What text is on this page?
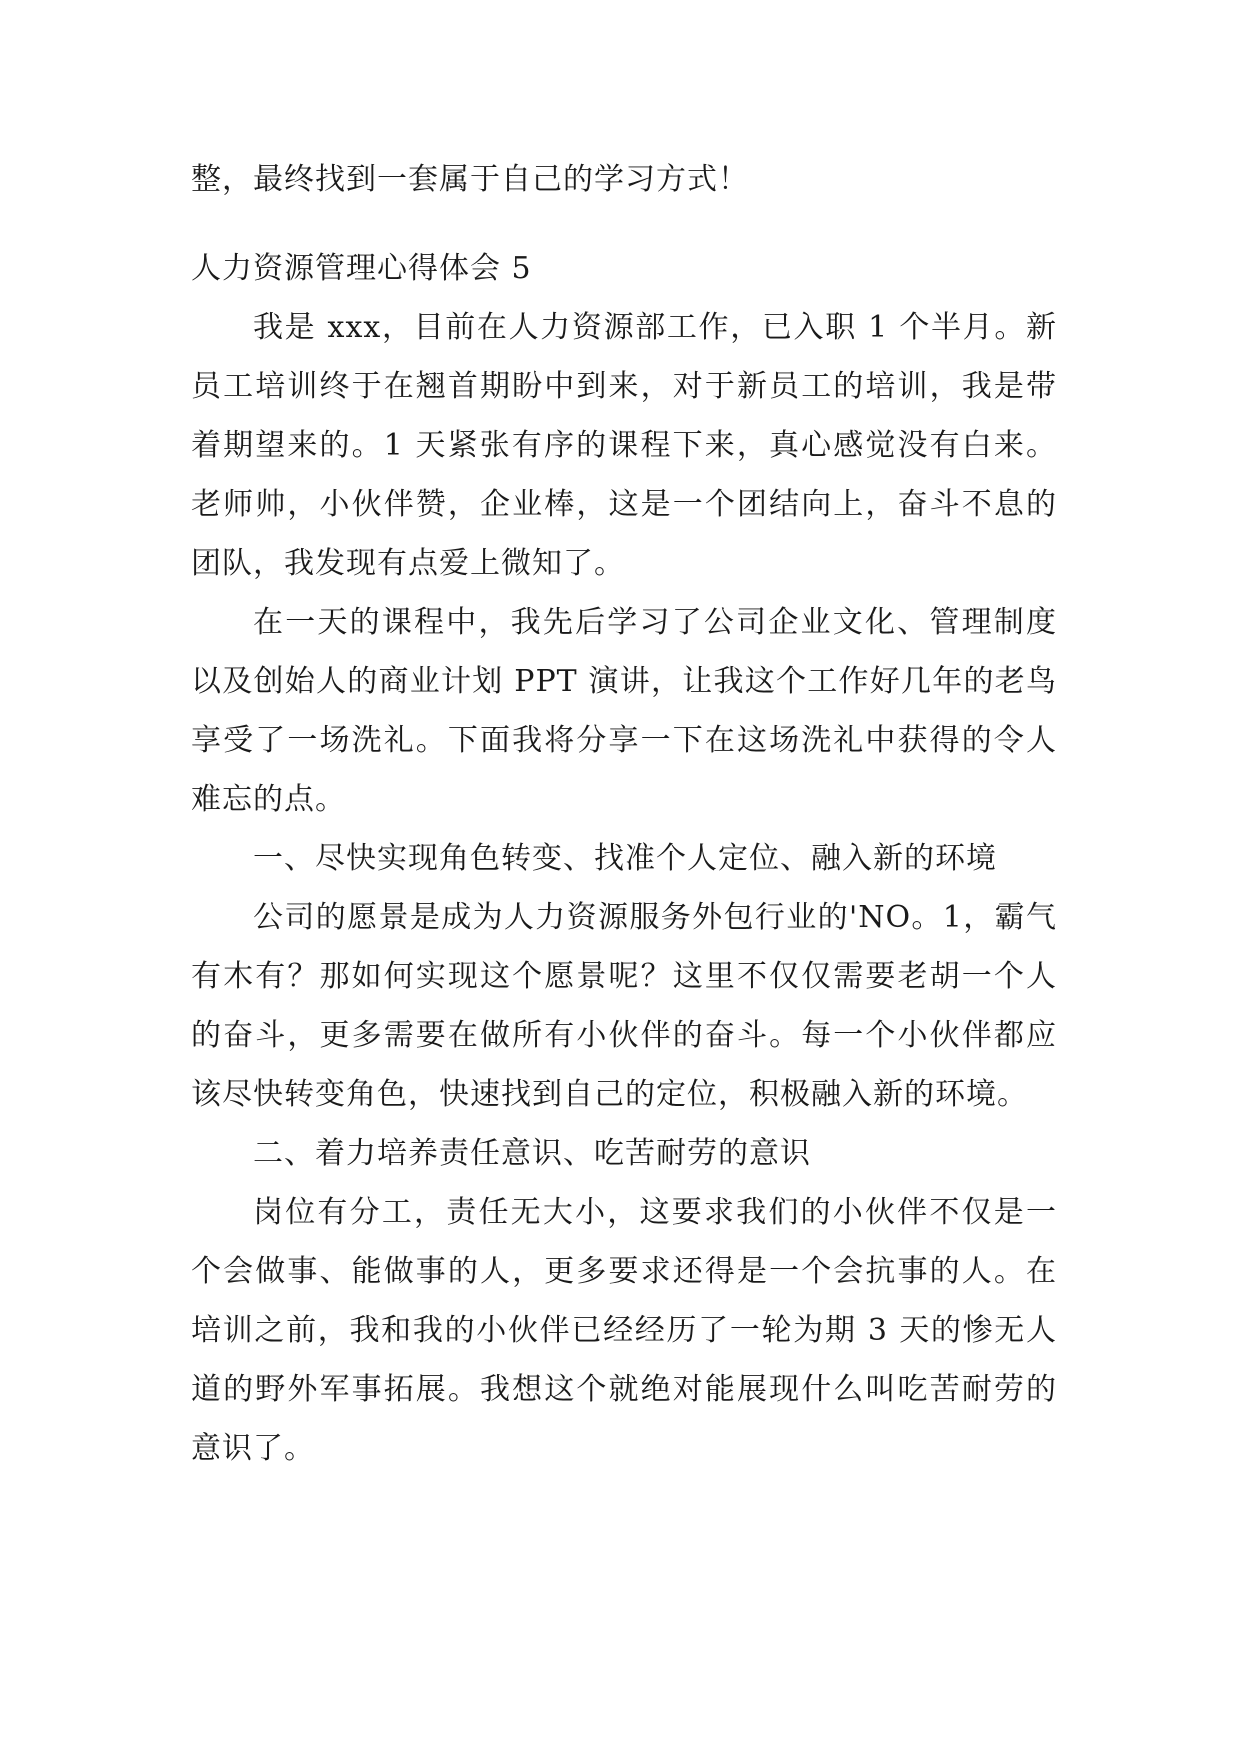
整，最终找到一套属于自己的学习方式！

人力资源管理心得体会 5

我是 xxx，目前在人力资源部工作，已入职 1 个半月。新员工培训终于在翘首期盼中到来，对于新员工的培训，我是带着期望来的。1 天紧张有序的课程下来，真心感觉没有白来。老师帅，小伙伴赞，企业棒，这是一个团结向上，奋斗不息的团队，我发现有点爱上微知了。

在一天的课程中，我先后学习了公司企业文化、管理制度以及创始人的商业计划 PPT 演讲，让我这个工作好几年的老鸟享受了一场洗礼。下面我将分享一下在这场洗礼中获得的令人难忘的点。

一、尽快实现角色转变、找准个人定位、融入新的环境

公司的愿景是成为人力资源服务外包行业的'NO。1，霸气有木有？那如何实现这个愿景呢？这里不仅仅需要老胡一个人的奋斗，更多需要在做所有小伙伴的奋斗。每一个小伙伴都应该尽快转变角色，快速找到自己的定位，积极融入新的环境。

二、着力培养责任意识、吃苦耐劳的意识

岗位有分工，责任无大小，这要求我们的小伙伴不仅是一个会做事、能做事的人，更多要求还得是一个会抗事的人。在培训之前，我和我的小伙伴已经经历了一轮为期 3 天的惨无人道的野外军事拓展。我想这个就绝对能展现什么叫吃苦耐劳的意识了。
